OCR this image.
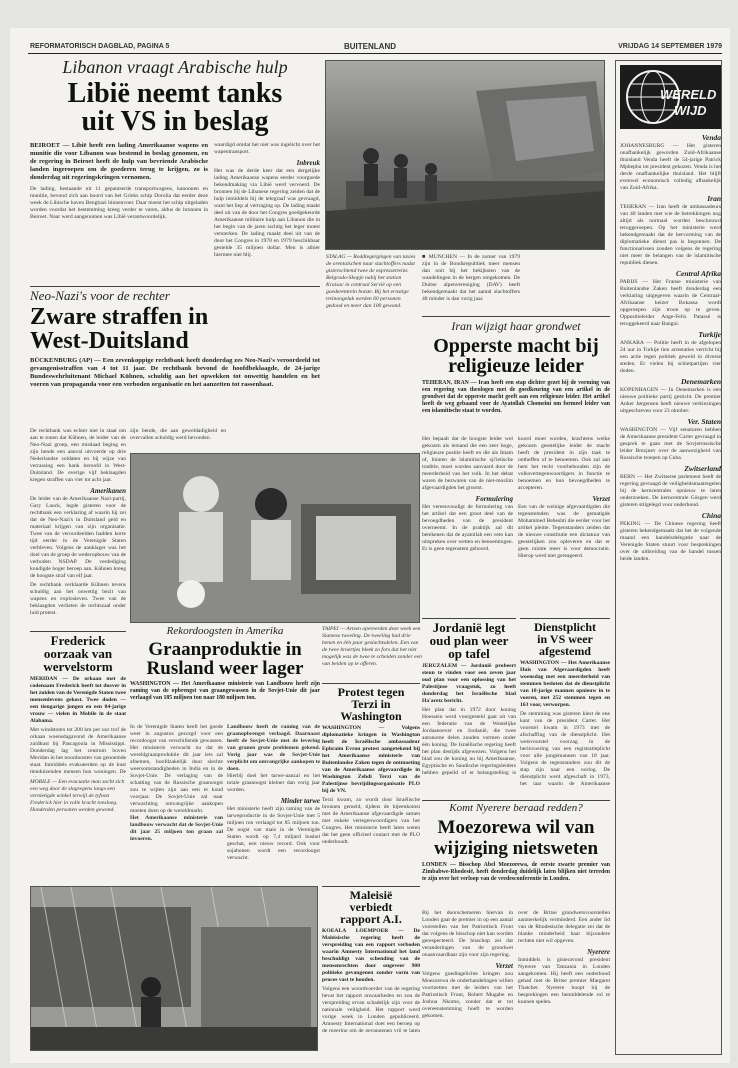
REFORMATORISCH DAGBLAD, PAGINA 5	BUITENLAND	VRIJDAG 14 SEPTEMBER 1979
Libanon vraagt Arabische hulp
Libië neemt tanks
uit VS in beslag
BEIROET — Libië heeft een lading Amerikaanse wapens en munitie die voor Libanon was bestemd in beslag genomen, en de regering in Beiroet heeft de hulp van bevriende Arabische landen ingeroepen om de goederen terug te krijgen, zo is donderdag uit regeringskringen vernomen.
waardigd omdat het niet was ingelicht over het wapentransport.
Inbreuk
Het was de derde keer dat een dergelijke lading Amerikaanse wapens eerder voorgoede bekendmaking via Libië werd vervoerd. De bronnen bij de Libanese regering zeiden dat de hulp inmiddels bij de telegraaf was gevraagd, want het liep al vertraging op. De lading maakt deel uit van de door het Congres goedgekeurde Amerikaanse militaire hulp aan Libanon die in het begin van de jaren tachtig het leger moest versterken. De lading maakt deel uit van de door het Congres in 1978 en 1979 beschikbaar gestelde 35 miljoen dollar. Men is alhier hiermee niet blij.
De lading, bestaande uit 11 gepantserde transportwagens, kanonnen en munitie, bevond zich aan boord van het Grieks schip Dorolia dat eerder deze week de Libische haven Benghazi binnenvoer. Daar moest het schip uitgeladen worden voordat het bestemming kreeg verder te varen, aldus de bronnen in Beiroet. Naar werd aangenomen was Libië verantwoordelijk.
STALAG — Roddlegergingen van taxies de orentalschen naar slachtoffers nadat gisterochtend twee de expressetreins Belgrado-Skopje nabij het station Kraisac in centraal Servië op een goederentrein botste. Bij het ernstige treinongeluk werden 60 personen gedood en meer dan 100 gewond.
■ MÜNCHEN — In de zomer van 1979 zijn in de Bondsrepubliek meer mensen dan ooit bij het bekijksten van de wandelingen in de bergen omgekomen. De Duitse alpenvereniging (DAV) heeft bekendgemaakt dat het aantal slachtoffers 48 minder is dan vorig jaar.
WERELD
WIJD
Venda
JOHANNESBURG — Het gisteren onafhankelijk geworden Zuid-Afrikaanse thuisland Venda heeft de 54-jarige Patrick Mphephu tot president gekozen. Venda is het derde onafhankelijke thuisland. Het blijft evenwel economisch volledig afhankelijk van Zuid-Afrika.
Iran
TEHERAN — Iran heeft de ambassadeurs van 40 landen met wie de betrekkingen nog altijd als normaal worden beschouwd teruggeroepen. Op het ministerie werd bekendgemaakt dat de hervorming van de diplomatieke dienst pas is begonnen. De functionarissen zouden volgens de regering niet meer de belangen van de islamitische republiek dienen.
Central Afrika
PARIJS — Het Franse ministerie van Buitenlandse Zaken heeft donderdag een verklaring uitgegeven waarin de Centraal-Afrikaanse keizer Bokassa wordt opgeroepen zijn troon op te geven. Oppositieleider Ange-Felix Patassé is teruggekeerd naar Bangui.
Turkije
ANKARA — Politie heeft in de afgelopen 24 uur in Turkije tien arrestaties verricht bij een actie tegen politiek geweld in diverse steden. Er vielen bij schietpartijen vier doden.
Denemarken
KOPENHAGEN — In Denemarken is een nieuwe politieke partij gesticht. De premier Anker Jørgensen heeft nieuwe verkiezingen uitgeschreven voor 23 oktober.
Ver. Staten
WASHINGTON — Vijf senatoren hebben de Amerikaanse president Carter gevraagd in gesprek te gaan met de Sovjetrussische leider Brezjnev over de aanwezigheid van Russische troepen op Cuba.
Zwitserland
BERN — Het Zwitserse parlement heeft de regering gevraagd de veiligheidsmaatregelen bij de kerncentrales opnieuw te laten onderzoeken. De kerncentrale Gösgen werd gisteren stilgelegd voor onderhoud.
China
PEKING — De Chinese regering heeft gisteren bekendgemaakt dat het de volgende maand een handelsdelegatie naar de Verenigde Staten stuurt voor besprekingen over de uitbreiding van de handel tussen beide landen.
Neo-Nazi's voor de rechter
Zware straffen in
West-Duitsland
BÜCKENBURG (AP) — Een zevenkoppige rechtbank heeft donderdag zes Neo-Nazi's veroordeeld tot gevangenisstraffen van 4 tot 11 jaar. De rechtbank bevond de hoofdbeklaagde, de 24-jarige Bundeswehrluitenant Michael Kühnen, schuldig aan het opwekken tot onwettig handelen en het voeren van propaganda voor een verboden organisatie en het aanzetten tot rassenhaat.
De rechtbank was echter niet in staat om aan te tonen dat Kühnen, de leider van de Neo-Nazi groep, een misdaad beging en zijn bende een aanval uitvoerde op drie Nederlandse soldaten en bij wijze van verrassing een bank beroofd in West-Duitsland. De overige vijf beklaagden kregen straffen van vier tot acht jaar.
Amerikanen
De leider van de Amerikaanse Nazi-partij, Gary Lauck, legde gisteren voor de rechtbank een verklaring af waarin hij zei dat de Neo-Nazi's in Duitsland geld en materiaal krijgen van zijn organisatie. Twee van de veroordeelden hadden korte tijd eerder in de Verenigde Staten verbleven. Volgens de aanklager was het doel van de groep de wederopbouw van de verboden NSDAP. De verdediging kondigde hoger beroep aan. Kühnen kreeg de hoogste straf van elf jaar.
De rechtbank verklaarde Kühnen tevens schuldig aan het onwettig bezit van wapens en explosieven. Twee van de beklaagden verlieten de rechtszaal onder luid protest.
zijn bende, die aan geweldadigheid en overvallen schuldig werd bevonden.
TAIPEI — Artsen opereerden deze week een Siamese tweeling. De tweeling had drie benen en één paar geslachtsdelen. Een van de twee broertjes bleek zo fors dat het niet mogelijk was de twee te scheiden zonder een van beiden op te offeren.
Iran wijzigt haar grondwet
Opperste macht bij
religieuze leider
TEHERAN, IRAN — Iran heeft een stap dichter gezet bij de vorming van een regering van theologen met de goedkeuring van een artikel in de grondwet dat de opperste macht geeft aan een religieuze leider. Het artikel heeft de weg gebaand voor de Ayatollah Chomeini om formeel leider van een islamitische staat te worden.
Het bepaalt dat de hoogste leider wel gekozen als iemand die een zeer hoge, religieuze positie heeft en die als Imam of, binnen de islamitische sji'ietische traditie, moet worden aanvaard door de meerderheid van het volk. In het debat waren de bezwaren van de niet-moslim afgevaardigden het grootst.
Formulering
Het vereenvoudigt de formulering van het artikel dat een groot deel van de bevoegdheden van de president overneemt. In de praktijk zal dit betekenen dat de ayatollah een veto kan uitspreken over wetten en benoemingen. Er is geen tegenstem gehoord.
koord moet worden, krachtens welke gekozen geestelijke leider de macht heeft de president in zijn taak te ontheffen of te benoemen. Ook zal aan hem het recht voorbehouden zijn de volksvertegenwoordigers in functie te benoemen en hun bevoegdheden te accepteren.
Verzet
Een van de weinige afgevaardigden die tegenstemden was de gematigde Mohammed Beheshti die eerder voor het artikel pleitte. Tegenstanders zeiden dat de nieuwe constitutie een dictatuur van geestelijken zou opleveren en dat er geen ruimte meer is voor democratie. Hierop werd niet gereageerd.
Jordanië legt
oud plan weer
op tafel
JERUZALEM — Jordanië probeert steun te vinden voor een zeven jaar oud plan voor een oplossing van het Palestijnse vraagstuk, zo heeft donderdag het Israëlische blad Ha'aretz bericht.
Het plan dat in 1972 door koning Hoessein werd voorgesteld gaat uit van een federatie van de Westelijke Jordaanoever en Jordanië, die twee autonome delen zouden vormen onder één koning. De Israëlische regering heeft het plan destijds afgewezen. Volgens het blad zou de koning nu bij Amerikaanse, Egyptische en Saudische regeringsleiders hebben gepeild of er belangstelling is
Dienstplicht
in VS weer
afgestemd
WASHINGTON — Het Amerikaanse Huis van Afgevaardigden heeft woensdag met een meerderheid van stemmen besloten dat de dienstplicht van 18-jarige mannen opnieuw in te voeren, met 252 stemmen tegen en 163 voor, verworpen.
De stemming was gisteren kiest de ene kant van de president Carter. Het voorstel kwam in 1973 met de afschaffing van de dienstplicht. Het wetsvoorstel voorzag in de herinvoering van een registratieplicht voor alle jongemannen van 18 jaar. Volgens de tegenstanders zou dit de stap zijn naar een oorlog. De dienstplicht werd afgeschaft in 1973, het jaar waarin de Amerikaanse
Frederick
oorzaak van
wervelstorm
MERIDAN — De orkaan met de codenaam Frederick heeft tot dusver in het zuiden van de Verenigde Staten twee mensenlevens gekost. Twee doden — een tiengarige jongen en een 84-jarige vrouw — vielen in Mobile in de staat Alabama.
Met windstoten tot 200 km per uur trof de orkaan woensdagavond de Amerikaanse zuidkust bij Pascagoula in Mississippi. Donderdag lag het centrum boven Meridan in het noordoosten van genoemde staat. Inmiddels evakueerden op de kust tienduizenden mensen hun woningen. De
MOBILE — Een evacuatie man zocht zich een weg door de slagregens langs een vernietigde winkel terwijl de tyfoon Frederick hier in volle kracht toesloeg. Honderden personen werden gewond.
Rekordoogsten in Amerika
Graanproduktie in
Rusland weer lager
WASHINGTON — Het Amerikaanse ministerie van Landbouw heeft zijn raming van de opbrengst van graangewassen in de Sovjet-Unie dit jaar verlaagd van 185 miljoen ton naar 180 miljoen ton.
In de Verenigde Staten heeft het goede weer in augustus gezorgd voor een recordoogst van verschillende gewassen. Het ministerie verwacht nu dat de wereldgraanproduktie dit jaar iets zal afnemen, hoofdzakelijk door slechte weersomstandigheden in India en in de Sovjet-Unie. De verlaging van de schatting van de Russische graanoogst zou te wijten zijn aan een te koud voorjaar. De Sovjet-Unie zal naar verwachting omvangrijke aankopen moeten doen op de wereldmarkt.
Het Amerikaanse ministerie van landbouw verwacht dat de Sovjet-Unie dit jaar 25 miljoen ton graan zal invoeren.
Landbouw heeft de raming van de graanopbrengst verlaagd. Daarnaast heeft de Sovjet-Unie met de levering van granen grote problemen gekend. Vorig jaar was de Sovjet-Unie verplicht om omvangrijke aankopen te doen.
Hierbij doel het tarwe-aanzal en het totale graanoogst kleiner dan vorig jaar worden.
Minder tarwe
Het ministerie heeft zijn raming van de tarweproductie in de Sovjet-Unie met 5 miljoen ton verlaagd tot 85 miljoen ton. De oogst van mais in de Verenigde Staten wordt op 7,4 miljard bushel geschat, een nieuw record. Ook voor sojabonen wordt een recordoogst verwacht.
Protest tegen
Terzi in
Washington
WASHINGTON — Volgens diplomatieke kringen in Washington heeft de Israëlische ambassadeur Ephraim Evron protest aangetekend bij het Amerikaanse ministerie van Buitenlandse Zaken tegen de ontmoeting van de Amerikaanse afgevaardigde in Washington Zehdi Terzi van de Palestijnse bevrijdingsorganisatie PLO bij de VN.
Terzi kwam, zo wordt door Israëlische bronnen gemeld, tijdens de bijeenkomst met de Amerikaanse afgevaardigde samen met enkele vertegenwoordigers van het Congres. Het ministerie heeft laten weten dat het geen officieel contact met de PLO onderhoudt.
Komt Nyerere beraad redden?
Moezorewa wil van wijziging nietsweten
LONDEN — Bisschop Abel Moezorewa, de eerste zwarte premier van Zimbabwe-Rhodesië, heeft donderdag duidelijk laten blijken niet terreden te zijn over het verloop van de vredesconferentie in Londen.
Bij het doorschemeren hiervan in Londen gaat de premier in op een aantal voorstellen van het Patriottisch Front dat volgens de bisschop niet kan worden gerespecteerd. De bisschop zei dat veranderingen van de grondwet onaanvaardbaar zijn voor zijn regering.
Verzet
Volgens goedingelichte kringen zou Moezorewa de onderhandelingen willen voortzetten met de leiders van het Patriottisch Front, Robert Mugabe en Joshua Nkomo, zonder dat er tot overeenstemming hoeft te worden gekomen.
over de Britse grondwetsvoorstellen aanmerkelijk verminderd. Een ander lid van de Rhodesische delegatie zei dat de blanke minderheid haar bijzondere rechten niet wil opgeven.
Nyerere
Inmiddels is gisteravond president Nyerere van Tanzania in Londen aangekomen. Hij heeft een onderhoud gehad met de Britse premier Margaret Thatcher. Nyerere hoopt bij de besprekingen een bemiddelende rol te kunnen spelen.
Maleisië
verbiedt
rapport A.I.
KOEALA LOEMPOER — De Maleisische regering heeft de verspreiding van een rapport verboden waarin Amnesty International het land beschuldigt van schending van de mensenrechten door ongeveer 900 politieke gevangenen zonder vorm van proces vast te houden.
Volgens een woordvoerder van de regering bevat het rapport onwaarheden en zou de verspreiding ervan schadelijk zijn voor de nationale veiligheid. Het rapport werd vorige week in Londen gepubliceerd. Amnesty International doet een beroep op de regering om de gevangenen vrij te laten
